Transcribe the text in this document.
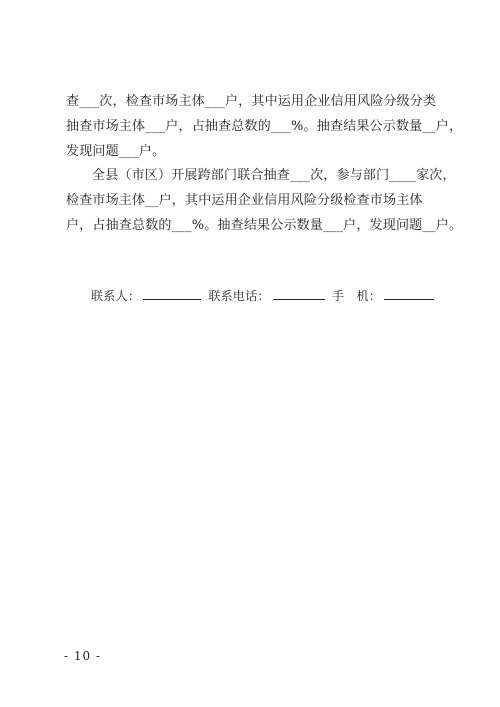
查___次，检查市场主体___户，其中运用企业信用风险分级分类
抽查市场主体___户，占抽查总数的___%。抽查结果公示数量__户，
发现问题___户。
全县（市区）开展跨部门联合抽查___次，参与部门____家次，
检查市场主体__户，其中运用企业信用风险分级检查市场主体
户，占抽查总数的___%。抽查结果公示数量___户，发现问题__户。
联系人：	联系电话：	手　机：
- 10 -
